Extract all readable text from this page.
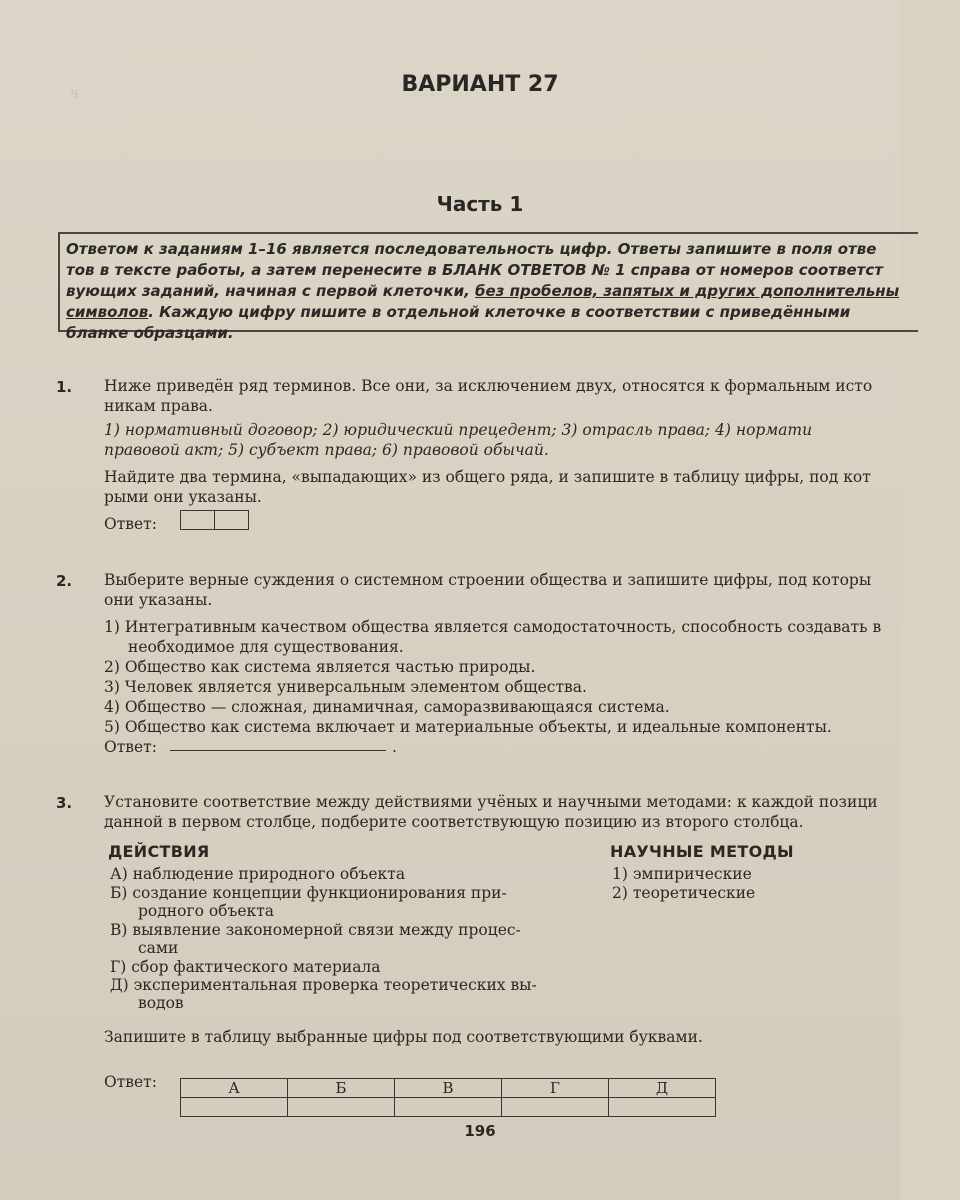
ч . . . . . . . . . . . . . . . . . . . . . . . . . . . . . . . . . . . . . . . . . . .
ВАРИАНТ 27
Часть 1
Ответом к заданиям 1–16 является последовательность цифр. Ответы запишите в поля отве
тов в тексте работы, а затем перенесите в БЛАНК ОТВЕТОВ № 1 справа от номеров соответст
вующих заданий, начиная с первой клеточки, без пробелов, запятых и других дополнительны
символов. Каждую цифру пишите в отдельной клеточке в соответствии с приведёнными
бланке образцами.
1. Ниже приведён ряд терминов. Все они, за исключением двух, относятся к формальным исто
никам права.
1) нормативный договор; 2) юридический прецедент; 3) отрасль права; 4) нормати
правовой акт; 5) субъект права; 6) правовой обычай.
Найдите два термина, «выпадающих» из общего ряда, и запишите в таблицу цифры, под кот
рыми они указаны.
Ответ:
2. Выберите верные суждения о системном строении общества и запишите цифры, под которы
они указаны.
1) Интегративным качеством общества является самодостаточность, способность создавать в
необходимое для существования.
2) Общество как система является частью природы.
3) Человек является универсальным элементом общества.
4) Общество — сложная, динамичная, саморазвивающаяся система.
5) Общество как система включает и материальные объекты, и идеальные компоненты.
Ответ:	.
3. Установите соответствие между действиями учёных и научными методами: к каждой позици
данной в первом столбце, подберите соответствующую позицию из второго столбца.
ДЕЙСТВИЯ	НАУЧНЫЕ МЕТОДЫ
А) наблюдение природного объекта
Б) создание концепции функционирования при-
родного объекта
В) выявление закономерной связи между процес-
сами
Г) сбор фактического материала
Д) экспериментальная проверка теоретических вы-
водов
1) эмпирические
2) теоретические
Запишите в таблицу выбранные цифры под соответствующими буквами.
Ответ:	А	Б	В	Г	Д

196
